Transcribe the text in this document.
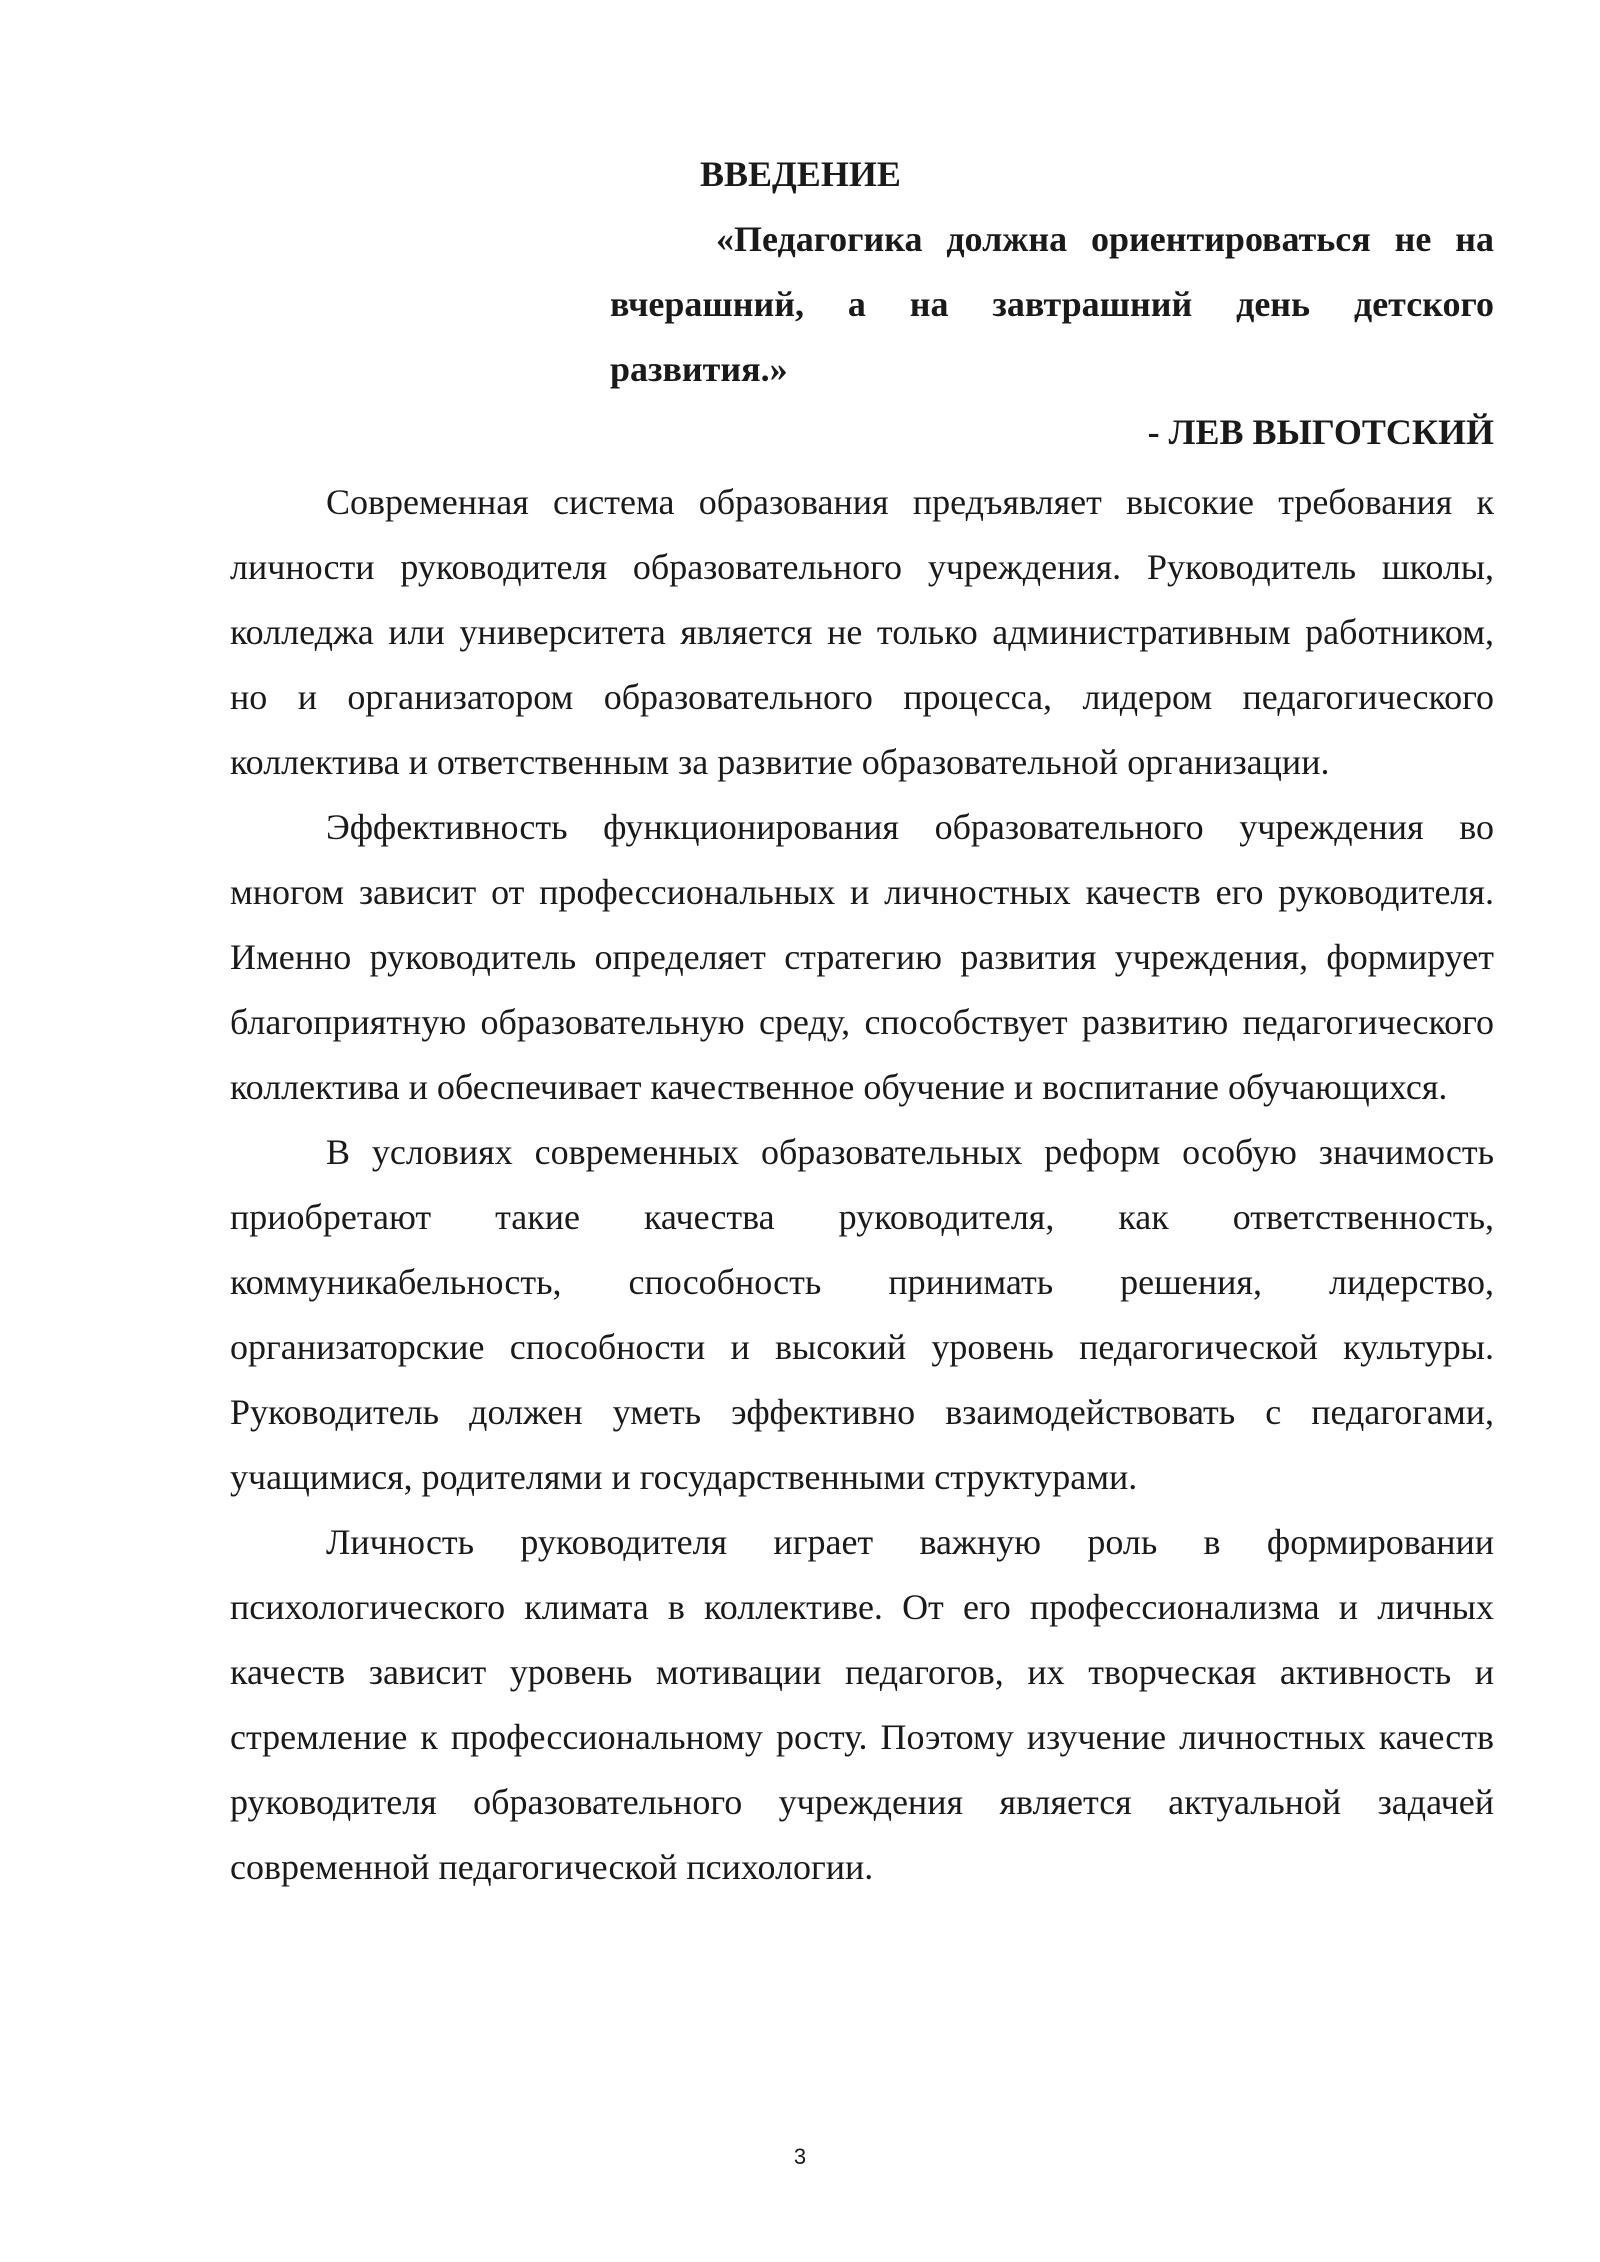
ВВЕДЕНИЕ
«Педагогика должна ориентироваться не на вчерашний, а на завтрашний день детского развития.»
- ЛЕВ ВЫГОТСКИЙ

Современная система образования предъявляет высокие требования к личности руководителя образовательного учреждения. Руководитель школы, колледжа или университета является не только административным работником, но и организатором образовательного процесса, лидером педагогического коллектива и ответственным за развитие образовательной организации.

Эффективность функционирования образовательного учреждения во многом зависит от профессиональных и личностных качеств его руководителя. Именно руководитель определяет стратегию развития учреждения, формирует благоприятную образовательную среду, способствует развитию педагогического коллектива и обеспечивает качественное обучение и воспитание обучающихся.

В условиях современных образовательных реформ особую значимость приобретают такие качества руководителя, как ответственность, коммуникабельность, способность принимать решения, лидерство, организаторские способности и высокий уровень педагогической культуры. Руководитель должен уметь эффективно взаимодействовать с педагогами, учащимися, родителями и государственными структурами.

Личность руководителя играет важную роль в формировании психологического климата в коллективе. От его профессионализма и личных качеств зависит уровень мотивации педагогов, их творческая активность и стремление к профессиональному росту. Поэтому изучение личностных качеств руководителя образовательного учреждения является актуальной задачей современной педагогической психологии.

3
